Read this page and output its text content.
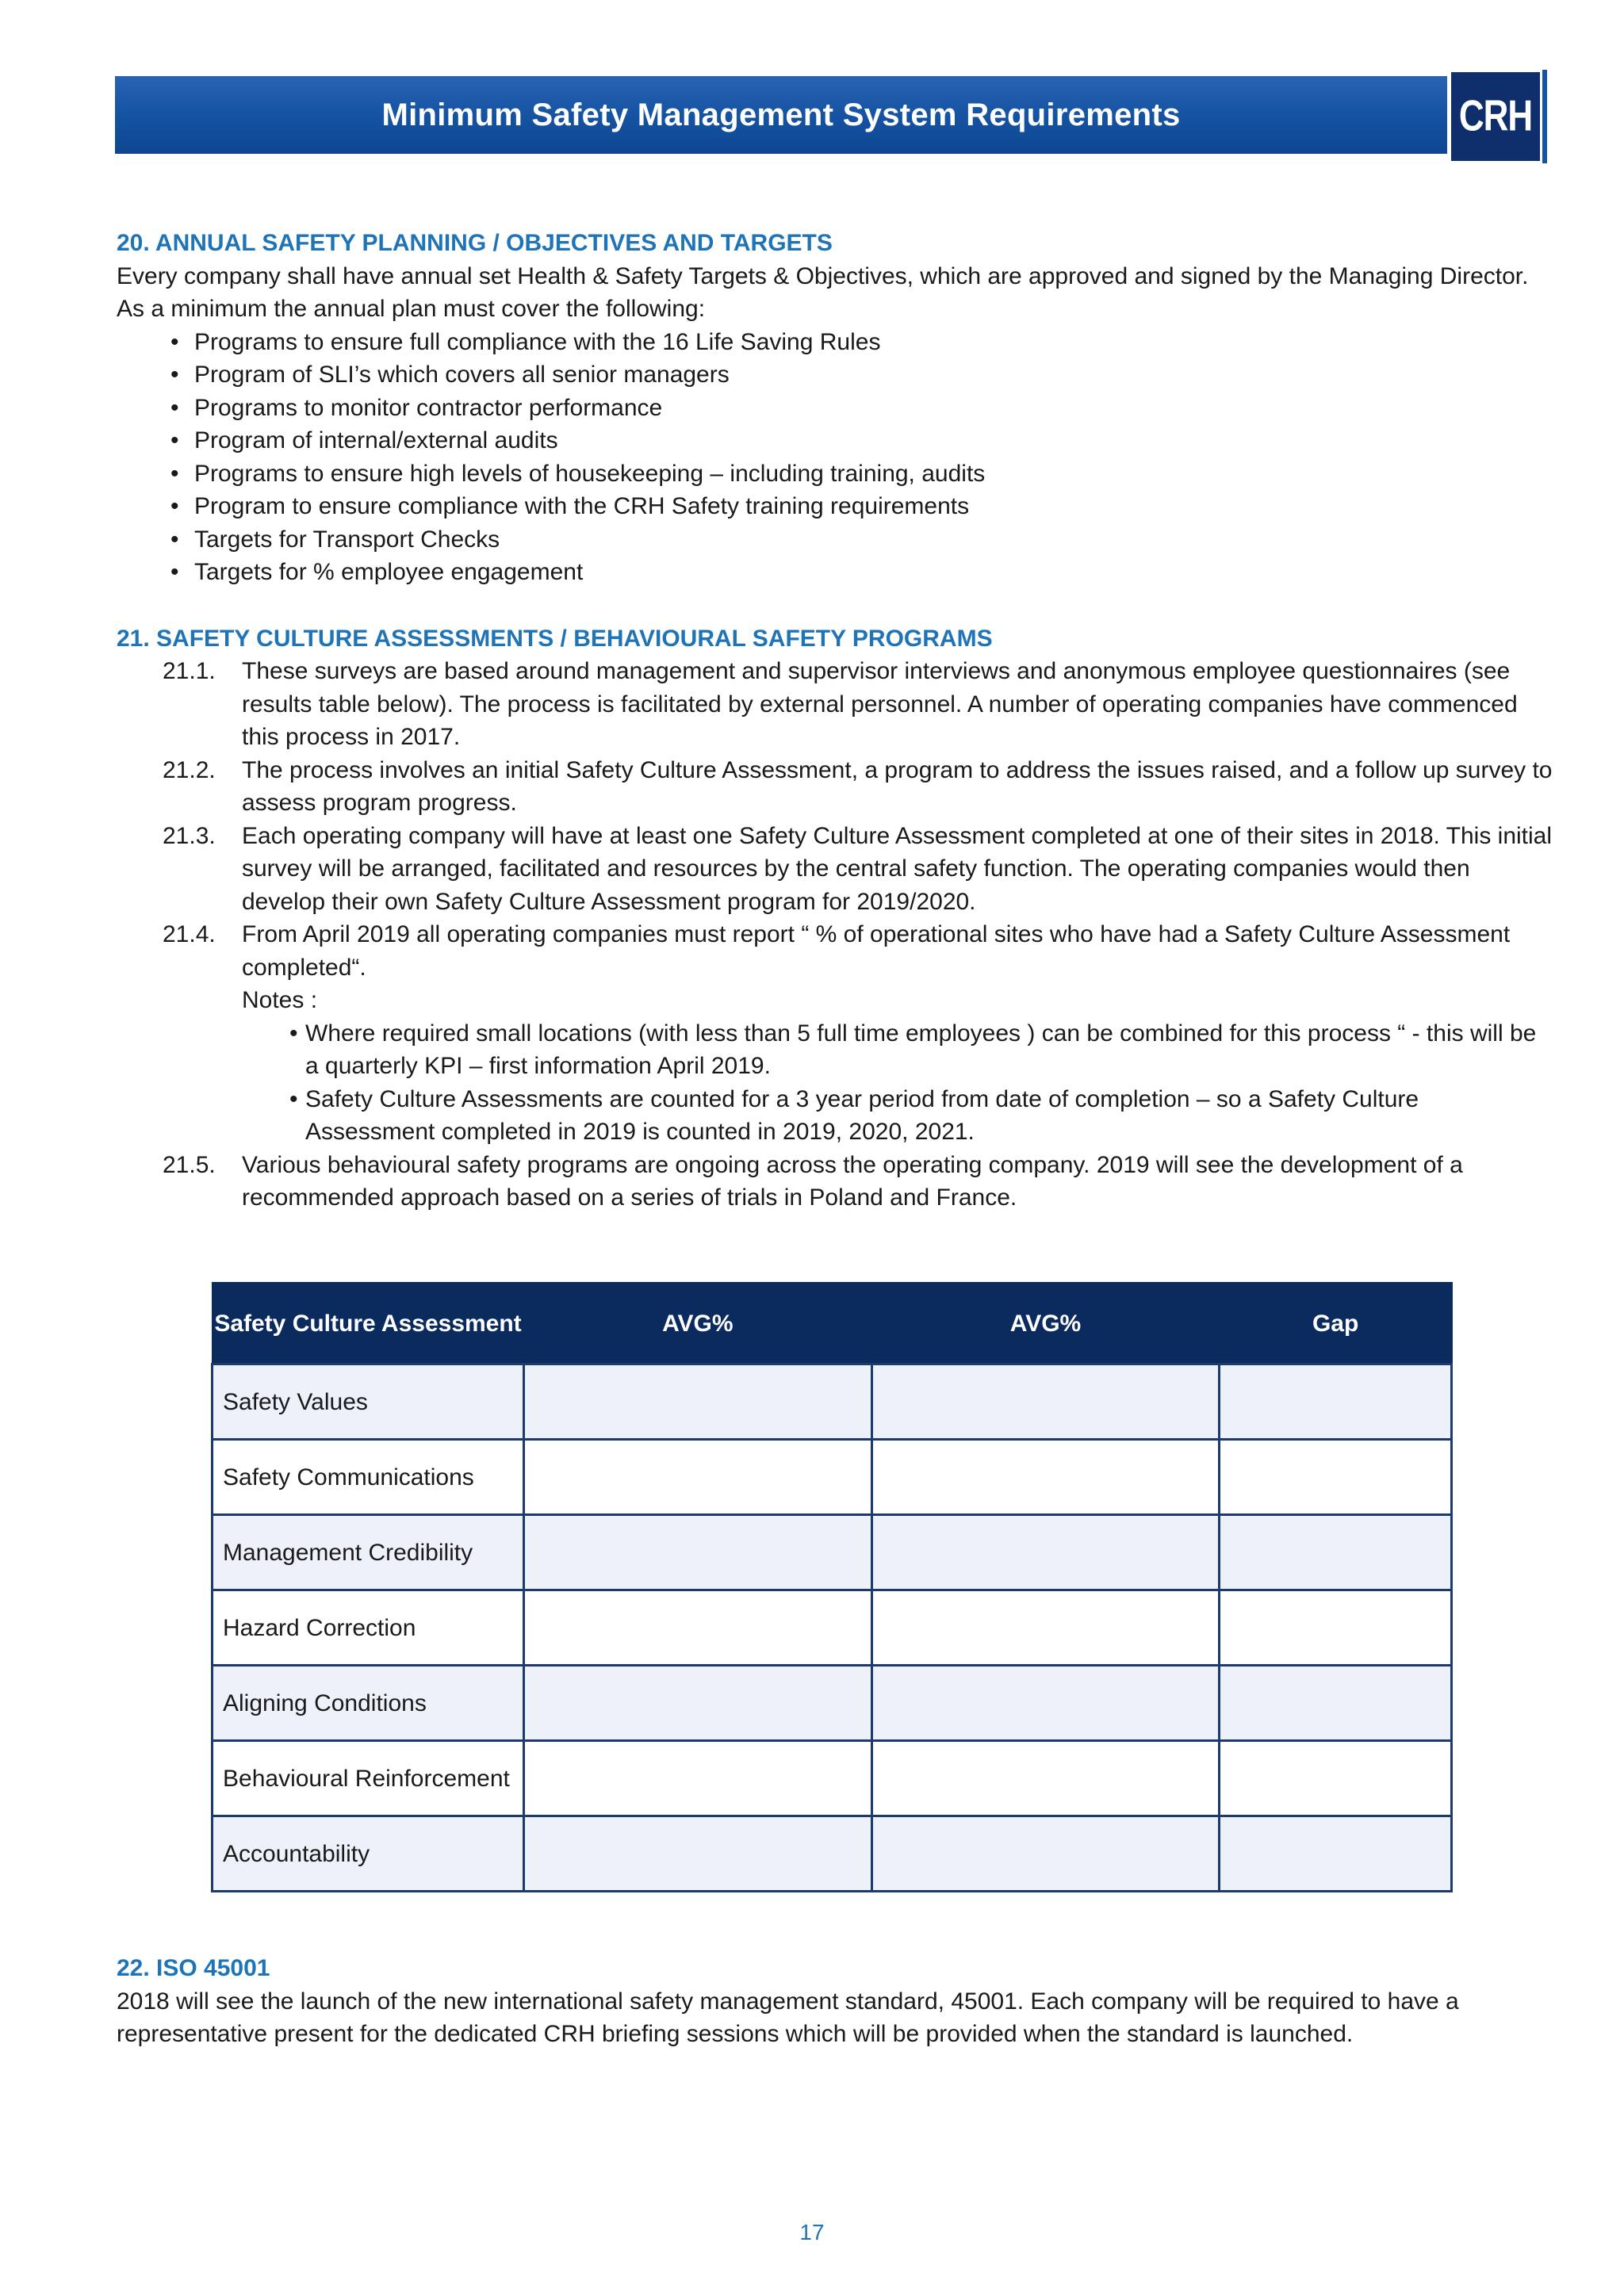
Minimum Safety Management System Requirements	CRH
20. ANNUAL SAFETY PLANNING / OBJECTIVES AND TARGETS

Every company shall have annual set Health & Safety Targets & Objectives, which are approved and signed by the Managing Director. As a minimum the annual plan must cover the following:

• Programs to ensure full compliance with the 16 Life Saving Rules
• Program of SLI’s which covers all senior managers
• Programs to monitor contractor performance
• Program of internal/external audits
• Programs to ensure high levels of housekeeping – including training, audits
• Program to ensure compliance with the CRH Safety training requirements
• Targets for Transport Checks
• Targets for % employee engagement
21. SAFETY CULTURE ASSESSMENTS / BEHAVIOURAL SAFETY PROGRAMS
21.1.	These surveys are based around management and supervisor interviews and anonymous employee questionnaires (see results table below). The process is facilitated by external personnel. A number of operating companies have commenced this process in 2017.
21.2.	The process involves an initial Safety Culture Assessment, a program to address the issues raised, and a follow up survey to assess program progress.
21.3.	Each operating company will have at least one Safety Culture Assessment completed at one of their sites in 2018. This initial survey will be arranged, facilitated and resources by the central safety function. The operating companies would then develop their own Safety Culture Assessment program for 2019/2020.
21.4.	From April 2019 all operating companies must report “ % of operational sites who have had a Safety Culture Assessment completed“.
Notes :
• Where required small locations (with less than 5 full time employees ) can be combined for this process “ - this will be a quarterly KPI – first information April 2019.
• Safety Culture Assessments are counted for a 3 year period from date of completion – so a Safety Culture Assessment completed in 2019 is counted in 2019, 2020, 2021.
21.5.	Various behavioural safety programs are ongoing across the operating company. 2019 will see the development of a recommended approach based on a series of trials in Poland and France.
Safety Culture Assessment	AVG%	AVG%	Gap
Safety Values			
Safety Communications			
Management Credibility			
Hazard Correction			
Aligning Conditions			
Behavioural Reinforcement			
Accountability			
22. ISO 45001

2018 will see the launch of the new international safety management standard, 45001. Each company will be required to have a representative present for the dedicated CRH briefing sessions which will be provided when the standard is launched.

17
